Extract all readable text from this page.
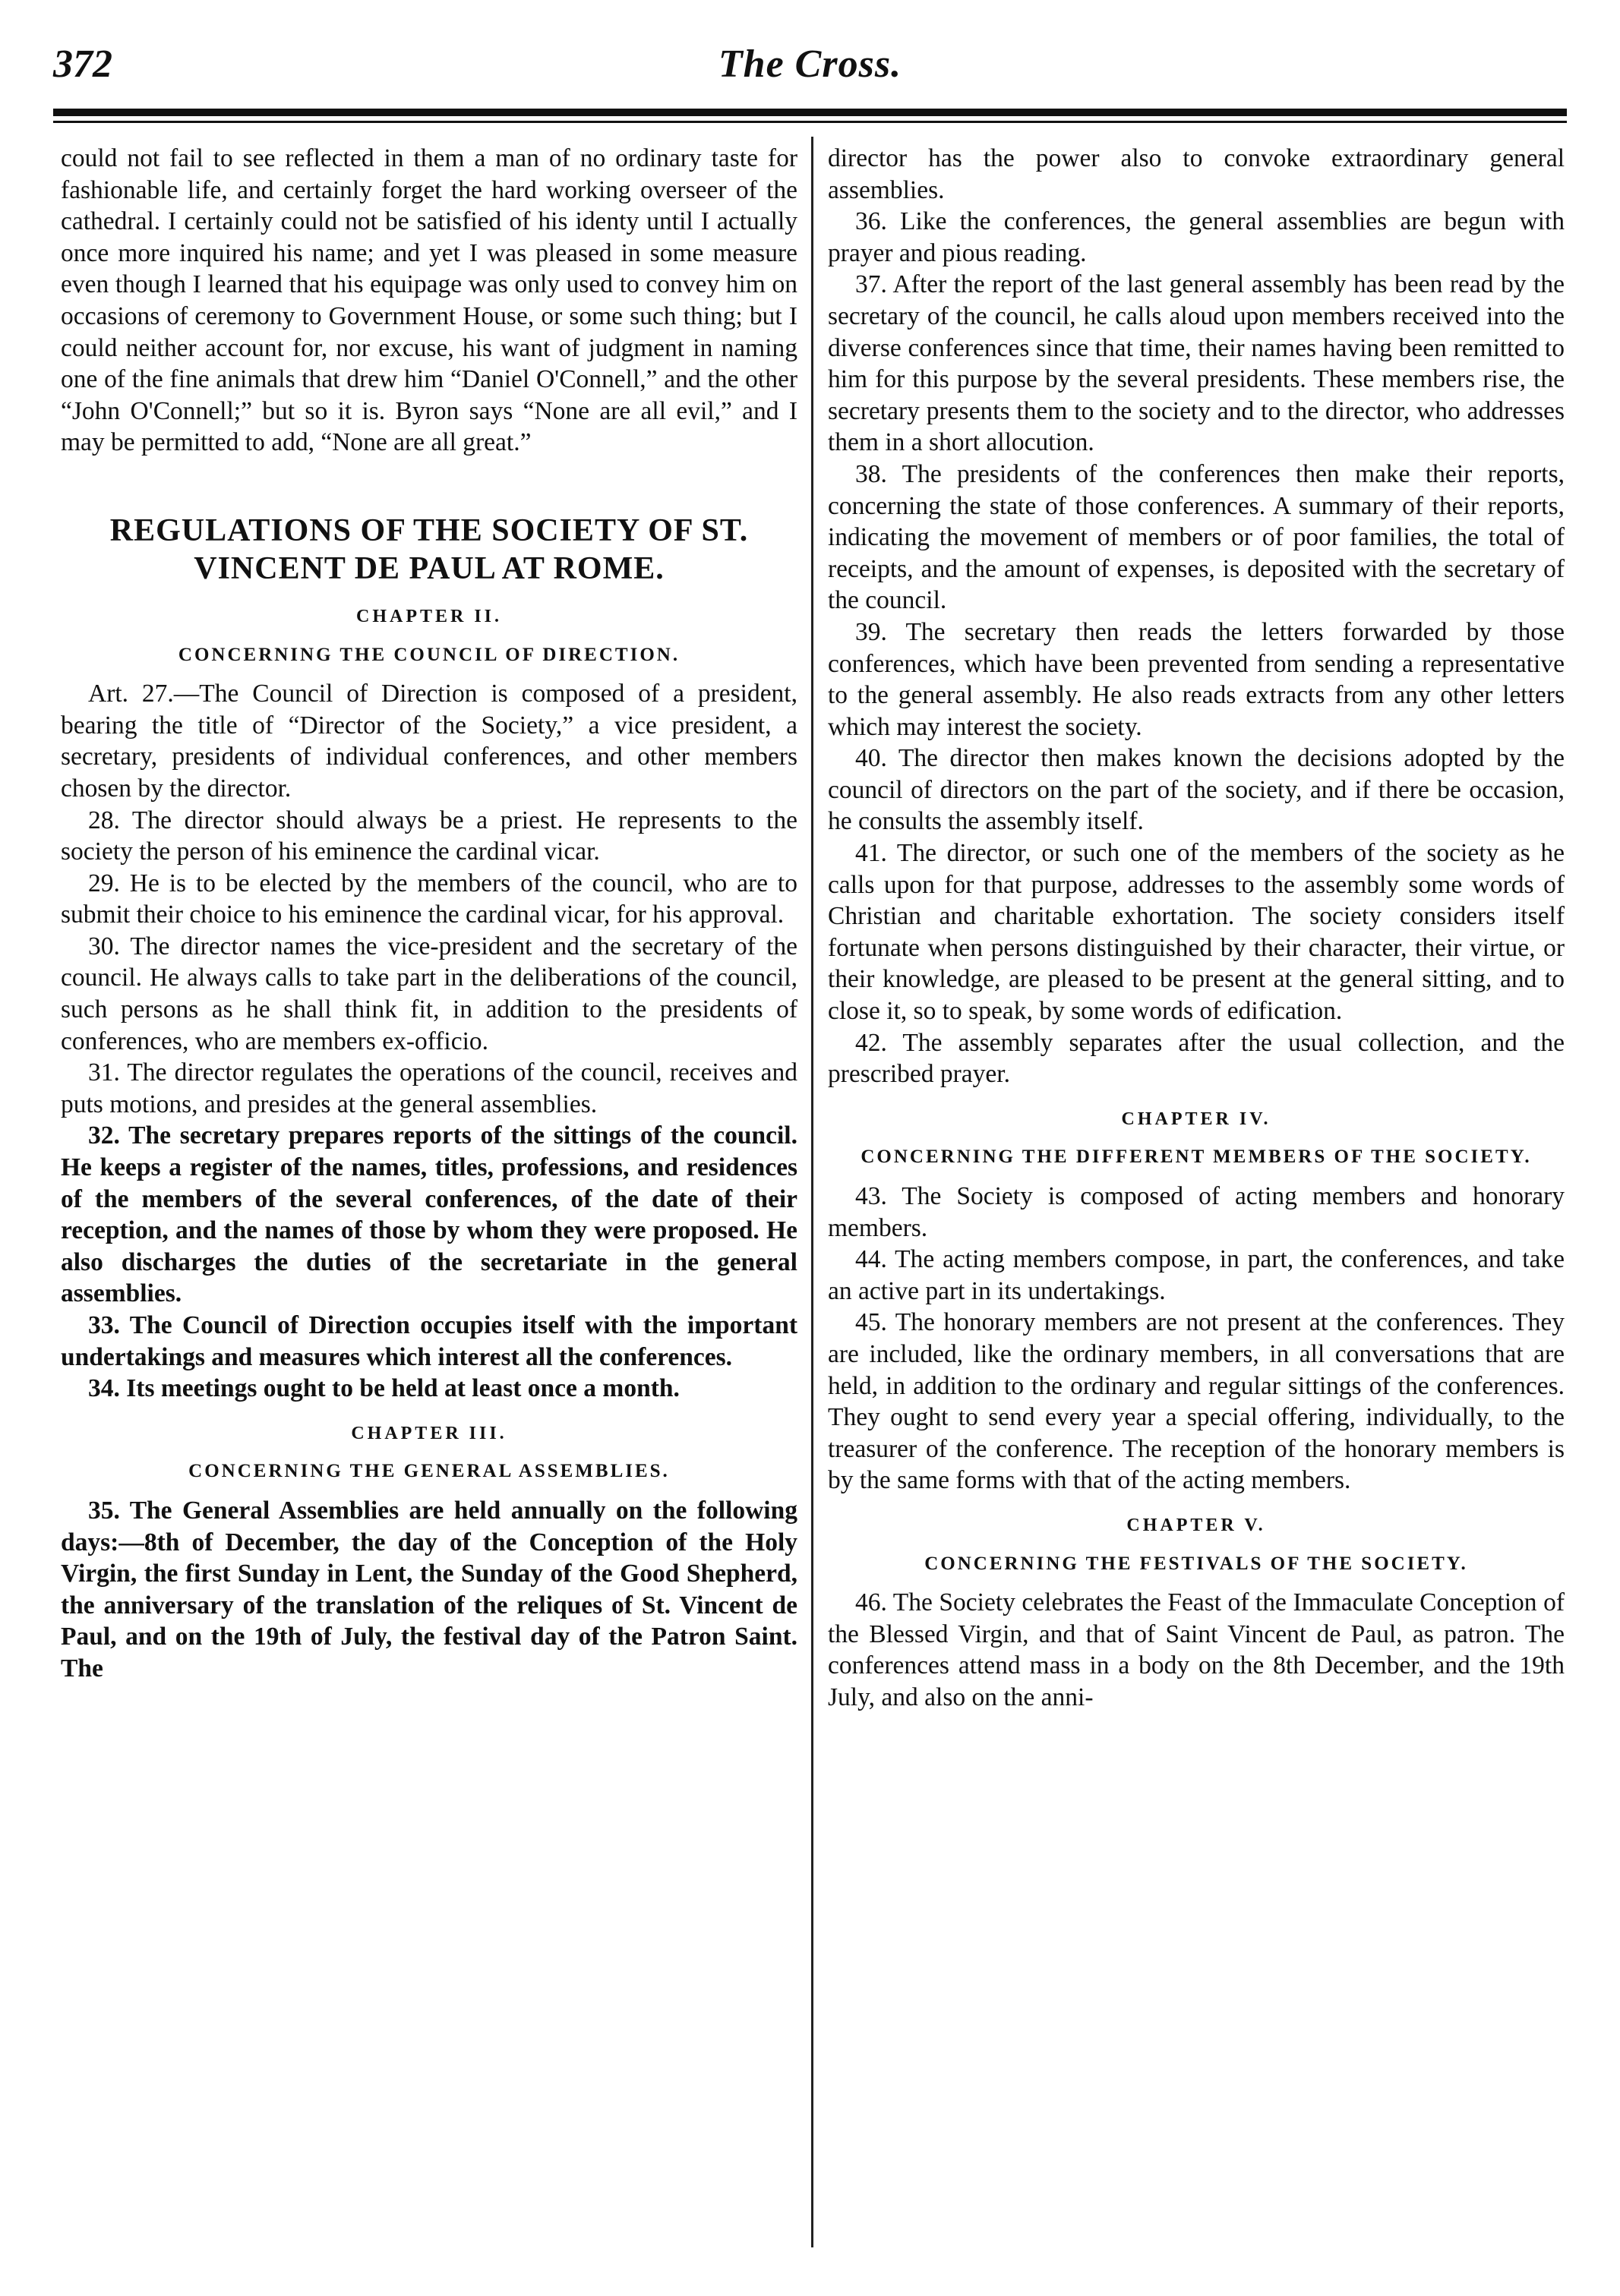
372	The Cross.

could not fail to see reflected in them a man of no ordinary taste for fashionable life, and certainly forget the hard working overseer of the cathedral. I certainly could not be satisfied of his identy until I actually once more inquired his name; and yet I was pleased in some measure even though I learned that his equipage was only used to convey him on occasions of ceremony to Government House, or some such thing; but I could neither account for, nor excuse, his want of judgment in naming one of the fine animals that drew him “Daniel O'Connell,” and the other “John O'Connell;” but so it is. Byron says “None are all evil,” and I may be permitted to add, “None are all great.”

REGULATIONS OF THE SOCIETY OF ST. VINCENT DE PAUL AT ROME.
CHAPTER II.
CONCERNING THE COUNCIL OF DIRECTION.

Art. 27.—The Council of Direction is composed of a president, bearing the title of “Director of the Society,” a vice president, a secretary, presidents of individual conferences, and other members chosen by the director.

28. The director should always be a priest. He represents to the society the person of his eminence the cardinal vicar.

29. He is to be elected by the members of the council, who are to submit their choice to his eminence the cardinal vicar, for his approval.

30. The director names the vice-president and the secretary of the council. He always calls to take part in the deliberations of the council, such persons as he shall think fit, in addition to the presidents of conferences, who are members ex-officio.

31. The director regulates the operations of the council, receives and puts motions, and presides at the general assemblies.

32. The secretary prepares reports of the sittings of the council. He keeps a register of the names, titles, professions, and residences of the members of the several conferences, of the date of their reception, and the names of those by whom they were proposed. He also discharges the duties of the secretariate in the general assemblies.

33. The Council of Direction occupies itself with the important undertakings and measures which interest all the conferences.

34. Its meetings ought to be held at least once a month.

CHAPTER III.
CONCERNING THE GENERAL ASSEMBLIES.

35. The General Assemblies are held annually on the following days:—8th of December, the day of the Conception of the Holy Virgin, the first Sunday in Lent, the Sunday of the Good Shepherd, the anniversary of the translation of the reliques of St. Vincent de Paul, and on the 19th of July, the festival day of the Patron Saint. The

director has the power also to convoke extraordinary general assemblies.

36. Like the conferences, the general assemblies are begun with prayer and pious reading.

37. After the report of the last general assembly has been read by the secretary of the council, he calls aloud upon members received into the diverse conferences since that time, their names having been remitted to him for this purpose by the several presidents. These members rise, the secretary presents them to the society and to the director, who addresses them in a short allocution.

38. The presidents of the conferences then make their reports, concerning the state of those conferences. A summary of their reports, indicating the movement of members or of poor families, the total of receipts, and the amount of expenses, is deposited with the secretary of the council.

39. The secretary then reads the letters forwarded by those conferences, which have been prevented from sending a representative to the general assembly. He also reads extracts from any other letters which may interest the society.

40. The director then makes known the decisions adopted by the council of directors on the part of the society, and if there be occasion, he consults the assembly itself.

41. The director, or such one of the members of the society as he calls upon for that purpose, addresses to the assembly some words of Christian and charitable exhortation. The society considers itself fortunate when persons distinguished by their character, their virtue, or their knowledge, are pleased to be present at the general sitting, and to close it, so to speak, by some words of edification.

42. The assembly separates after the usual collection, and the prescribed prayer.

CHAPTER IV.
CONCERNING THE DIFFERENT MEMBERS OF THE SOCIETY.

43. The Society is composed of acting members and honorary members.

44. The acting members compose, in part, the conferences, and take an active part in its undertakings.

45. The honorary members are not present at the conferences. They are included, like the ordinary members, in all conversations that are held, in addition to the ordinary and regular sittings of the conferences. They ought to send every year a special offering, individually, to the treasurer of the conference. The reception of the honorary members is by the same forms with that of the acting members.

CHAPTER V.
CONCERNING THE FESTIVALS OF THE SOCIETY.

46. The Society celebrates the Feast of the Immaculate Conception of the Blessed Virgin, and that of Saint Vincent de Paul, as patron. The conferences attend mass in a body on the 8th December, and the 19th July, and also on the anni-
